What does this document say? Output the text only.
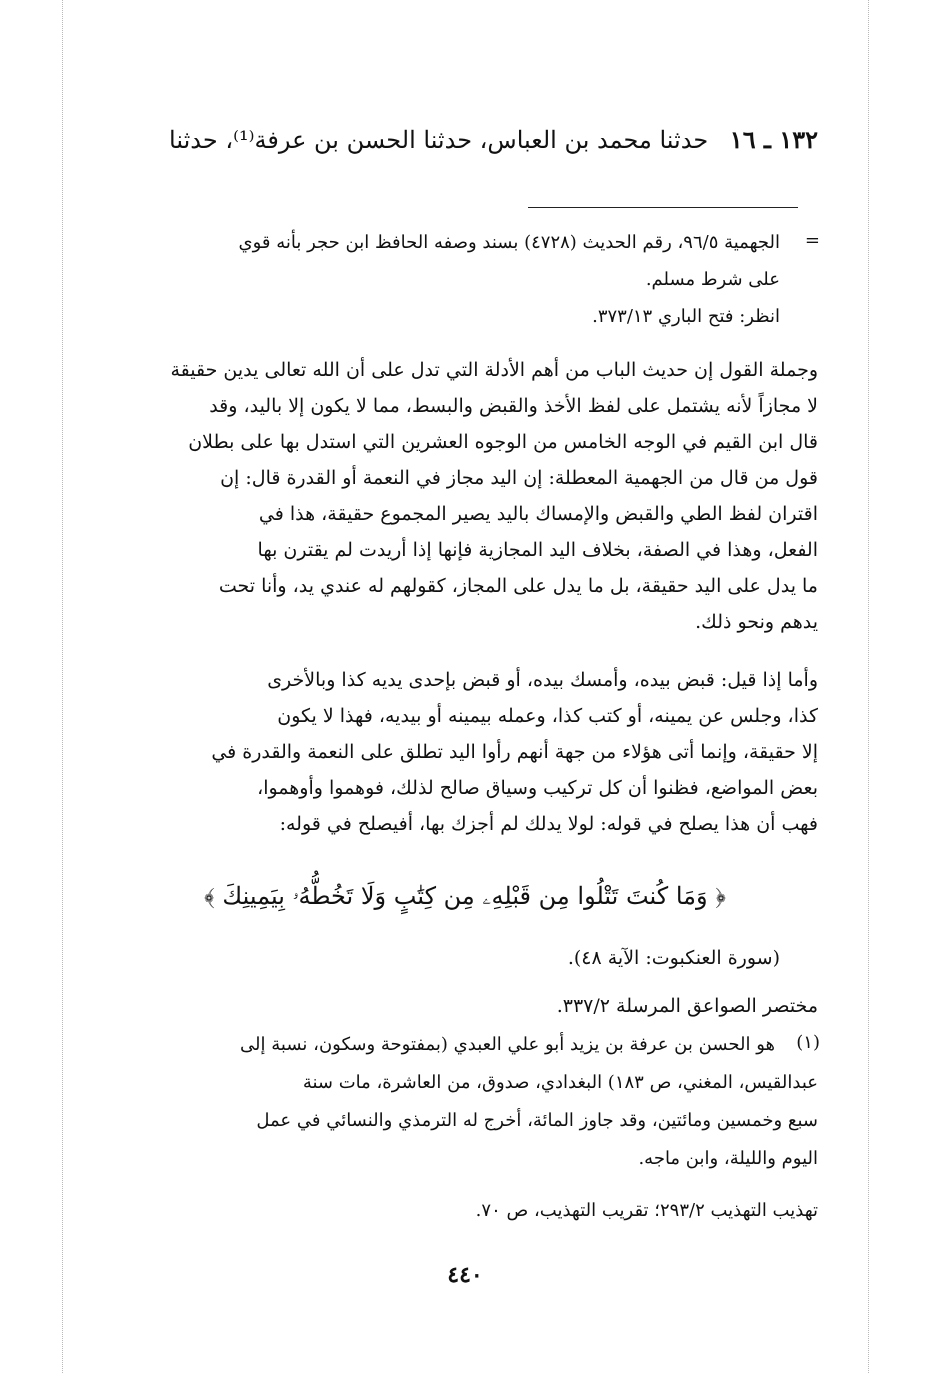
١٣٢ ـ ١٦ حدثنا محمد بن العباس، حدثنا الحسن بن عرفة⁽¹⁾، حدثنا
=
الجهمية ٩٦/٥، رقم الحديث (٤٧٢٨) بسند وصفه الحافظ ابن حجر بأنه قوي
على شرط مسلم.
انظر: فتح الباري ٣٧٣/١٣.
وجملة القول إن حديث الباب من أهم الأدلة التي تدل على أن الله تعالى يدين حقيقة
لا مجازاً لأنه يشتمل على لفظ الأخذ والقبض والبسط، مما لا يكون إلا باليد، وقد
قال ابن القيم في الوجه الخامس من الوجوه العشرين التي استدل بها على بطلان
قول من قال من الجهمية المعطلة: إن اليد مجاز في النعمة أو القدرة قال: إن
اقتران لفظ الطي والقبض والإمساك باليد يصير المجموع حقيقة، هذا في
الفعل، وهذا في الصفة، بخلاف اليد المجازية فإنها إذا أريدت لم يقترن بها
ما يدل على اليد حقيقة، بل ما يدل على المجاز، كقولهم له عندي يد، وأنا تحت
يدهم ونحو ذلك.
وأما إذا قيل: قبض بيده، وأمسك بيده، أو قبض بإحدى يديه كذا وبالأخرى
كذا، وجلس عن يمينه، أو كتب كذا، وعمله بيمينه أو بيديه، فهذا لا يكون
إلا حقيقة، وإنما أتى هؤلاء من جهة أنهم رأوا اليد تطلق على النعمة والقدرة في
بعض المواضع، فظنوا أن كل تركيب وسياق صالح لذلك، فوهموا وأوهموا،
فهب أن هذا يصلح في قوله: لولا يدلك لم أجزك بها، أفيصلح في قوله:
﴿ وَمَا كُنتَ تَتْلُوا مِن قَبْلِهِۦ مِن كِتَٰبٍ وَلَا تَخُطُّهُۥ بِيَمِينِكَ ﴾
(سورة العنكبوت: الآية ٤٨).
مختصر الصواعق المرسلة ٣٣٧/٢.
(١)
هو الحسن بن عرفة بن يزيد أبو علي العبدي (بمفتوحة وسكون، نسبة إلى
عبدالقيس، المغني، ص ١٨٣) البغدادي، صدوق، من العاشرة، مات سنة
سبع وخمسين ومائتين، وقد جاوز المائة، أخرج له الترمذي والنسائي في عمل
اليوم والليلة، وابن ماجه.
تهذيب التهذيب ٢٩٣/٢؛ تقريب التهذيب، ص ٧٠.
٤٤٠
